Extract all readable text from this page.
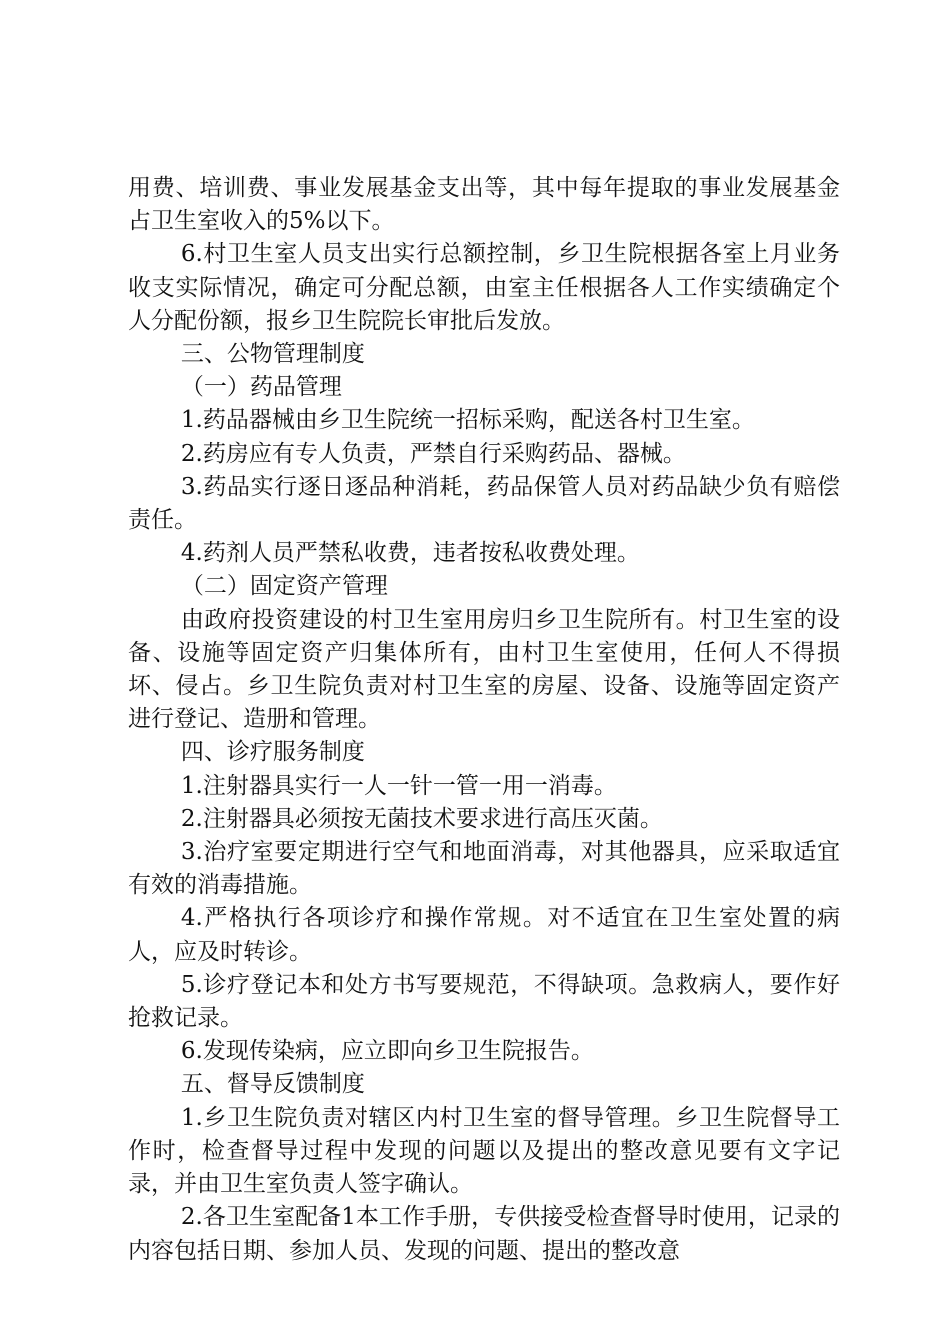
用费、培训费、事业发展基金支出等，其中每年提取的事业发展基金占卫生室收入的5%以下。

6.村卫生室人员支出实行总额控制，乡卫生院根据各室上月业务收支实际情况，确定可分配总额，由室主任根据各人工作实绩确定个人分配份额，报乡卫生院院长审批后发放。

三、公物管理制度

（一）药品管理

1.药品器械由乡卫生院统一招标采购，配送各村卫生室。

2.药房应有专人负责，严禁自行采购药品、器械。

3.药品实行逐日逐品种消耗，药品保管人员对药品缺少负有赔偿责任。

4.药剂人员严禁私收费，违者按私收费处理。

（二）固定资产管理

由政府投资建设的村卫生室用房归乡卫生院所有。村卫生室的设备、设施等固定资产归集体所有，由村卫生室使用，任何人不得损坏、侵占。乡卫生院负责对村卫生室的房屋、设备、设施等固定资产进行登记、造册和管理。

四、诊疗服务制度

1.注射器具实行一人一针一管一用一消毒。

2.注射器具必须按无菌技术要求进行高压灭菌。

3.治疗室要定期进行空气和地面消毒，对其他器具，应采取适宜有效的消毒措施。

4.严格执行各项诊疗和操作常规。对不适宜在卫生室处置的病人，应及时转诊。

5.诊疗登记本和处方书写要规范，不得缺项。急救病人，要作好抢救记录。

6.发现传染病，应立即向乡卫生院报告。

五、督导反馈制度

1.乡卫生院负责对辖区内村卫生室的督导管理。乡卫生院督导工作时，检查督导过程中发现的问题以及提出的整改意见要有文字记录，并由卫生室负责人签字确认。

2.各卫生室配备1本工作手册，专供接受检查督导时使用，记录的内容包括日期、参加人员、发现的问题、提出的整改意
